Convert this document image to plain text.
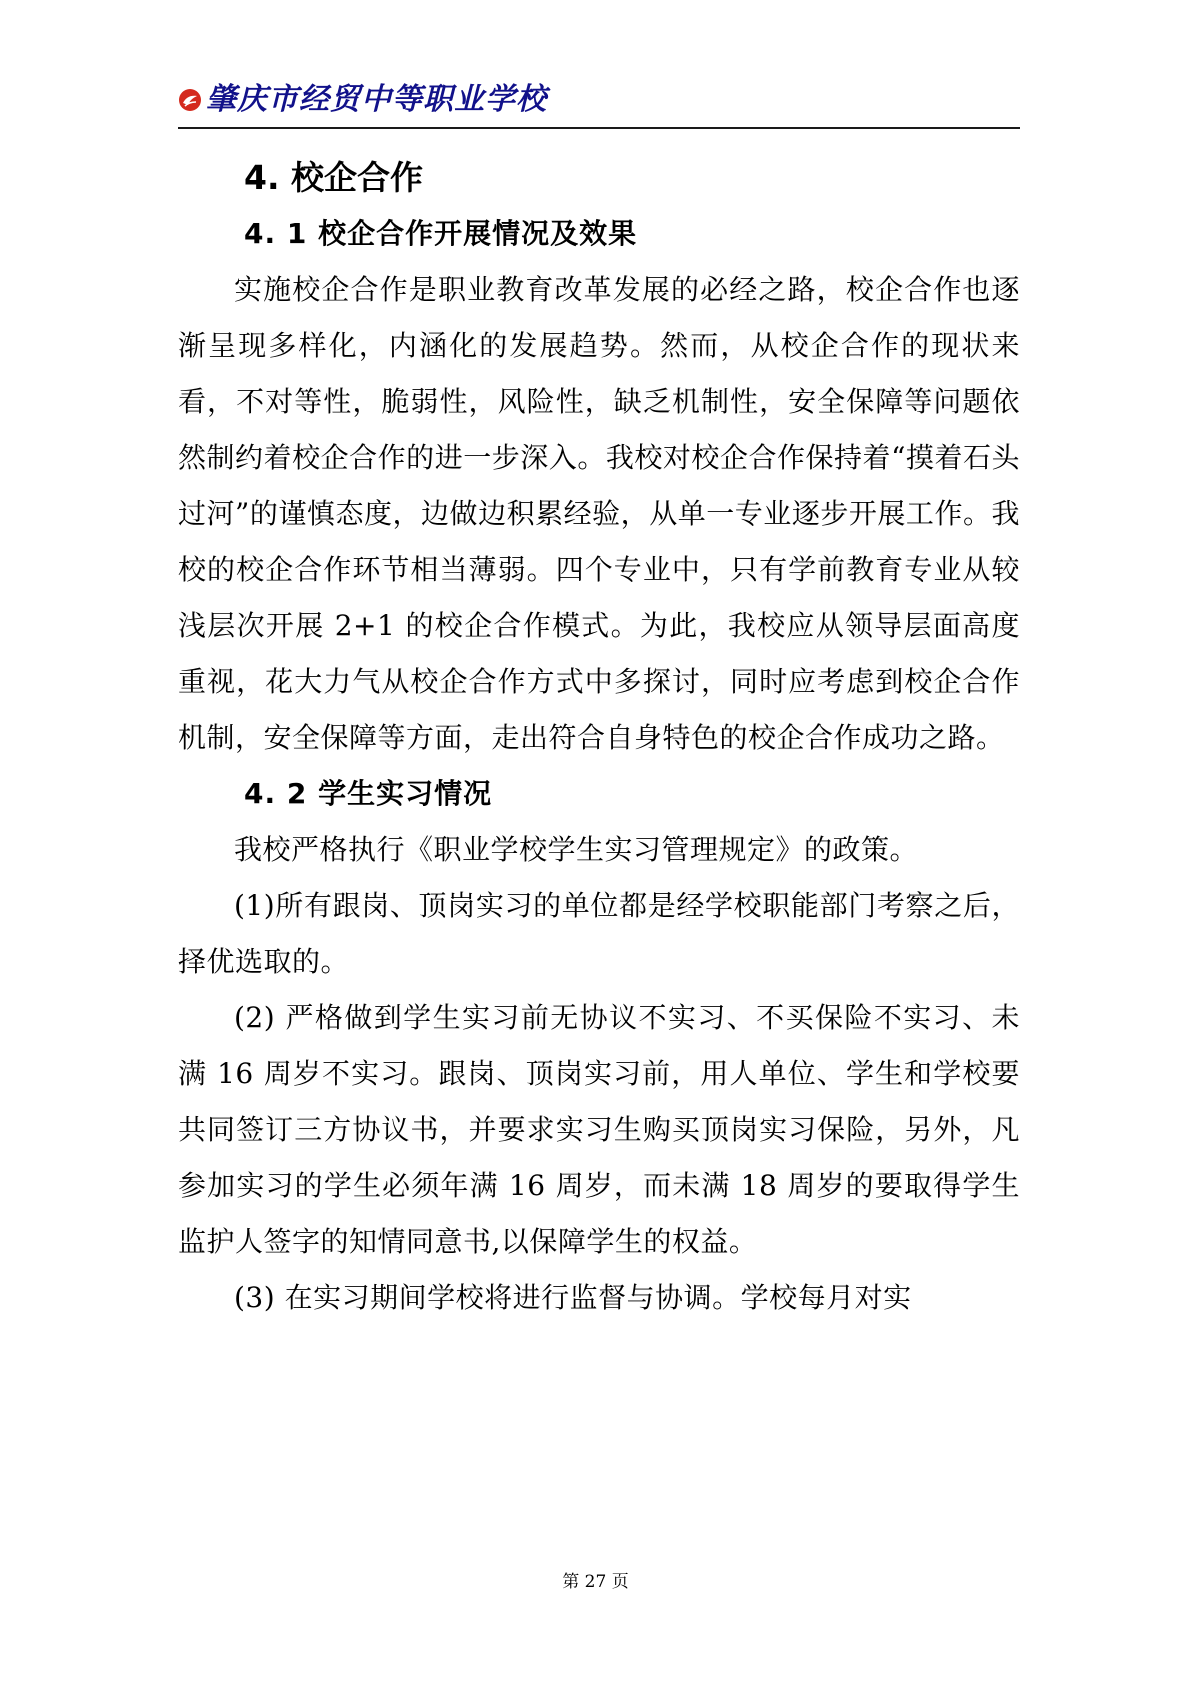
肇庆市经贸中等职业学校
4. 校企合作
4. 1 校企合作开展情况及效果

实施校企合作是职业教育改革发展的必经之路，校企合作也逐渐呈现多样化，内涵化的发展趋势。然而，从校企合作的现状来看，不对等性，脆弱性，风险性，缺乏机制性，安全保障等问题依然制约着校企合作的进一步深入。我校对校企合作保持着“摸着石头过河”的谨慎态度，边做边积累经验，从单一专业逐步开展工作。我校的校企合作环节相当薄弱。四个专业中，只有学前教育专业从较浅层次开展 2+1 的校企合作模式。为此，我校应从领导层面高度重视，花大力气从校企合作方式中多探讨，同时应考虑到校企合作机制，安全保障等方面，走出符合自身特色的校企合作成功之路。

4. 2 学生实习情况

我校严格执行《职业学校学生实习管理规定》的政策。

(1)所有跟岗、顶岗实习的单位都是经学校职能部门考察之后，择优选取的。

(2) 严格做到学生实习前无协议不实习、不买保险不实习、未满 16 周岁不实习。跟岗、顶岗实习前，用人单位、学生和学校要共同签订三方协议书，并要求实习生购买顶岗实习保险，另外，凡参加实习的学生必须年满 16 周岁，而未满 18 周岁的要取得学生监护人签字的知情同意书,以保障学生的权益。

(3) 在实习期间学校将进行监督与协调。学校每月对实

第 27 页
